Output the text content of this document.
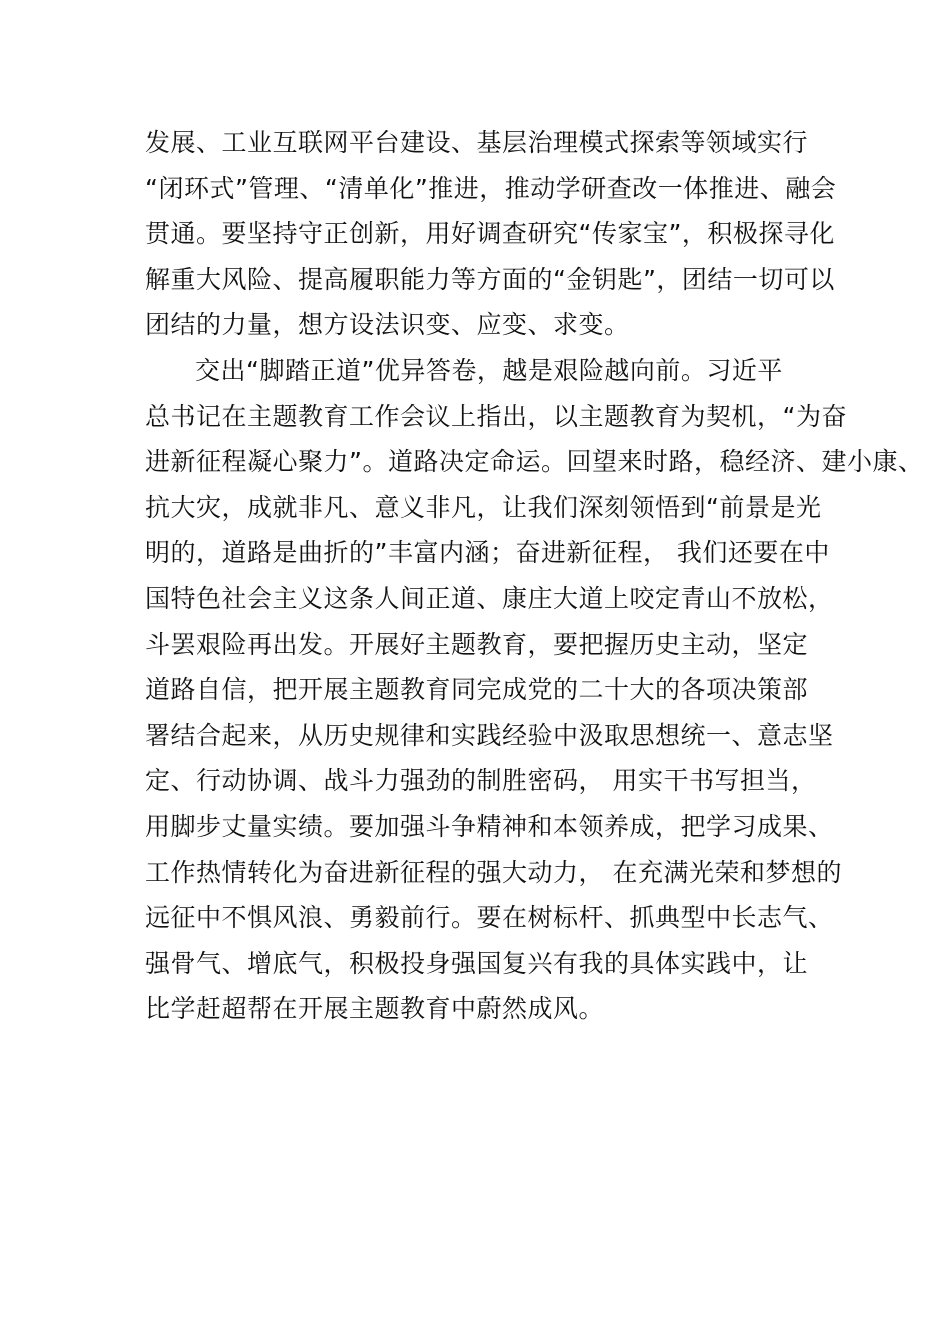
发展、工业互联网平台建设、基层治理模式探索等领域实行
“闭环式”管理、“清单化”推进，推动学研查改一体推进、融会
贯通。要坚持守正创新，用好调查研究“传家宝”，积极探寻化
解重大风险、提高履职能力等方面的“金钥匙”，团结一切可以
团结的力量，想方设法识变、应变、求变。
交出“脚踏正道”优异答卷，越是艰险越向前。习近平
总书记在主题教育工作会议上指出，以主题教育为契机，“为奋
进新征程凝心聚力”。道路决定命运。回望来时路，稳经济、建小康、
抗大灾，成就非凡、意义非凡，让我们深刻领悟到“前景是光
明的，道路是曲折的”丰富内涵；奋进新征程， 我们还要在中
国特色社会主义这条人间正道、康庄大道上咬定青山不放松，
斗罢艰险再出发。开展好主题教育，要把握历史主动，坚定
道路自信，把开展主题教育同完成党的二十大的各项决策部
署结合起来，从历史规律和实践经验中汲取思想统一、意志坚
定、行动协调、战斗力强劲的制胜密码， 用实干书写担当，
用脚步丈量实绩。要加强斗争精神和本领养成，把学习成果、
工作热情转化为奋进新征程的强大动力， 在充满光荣和梦想的
远征中不惧风浪、勇毅前行。要在树标杆、抓典型中长志气、
强骨气、增底气，积极投身强国复兴有我的具体实践中，让
比学赶超帮在开展主题教育中蔚然成风。
